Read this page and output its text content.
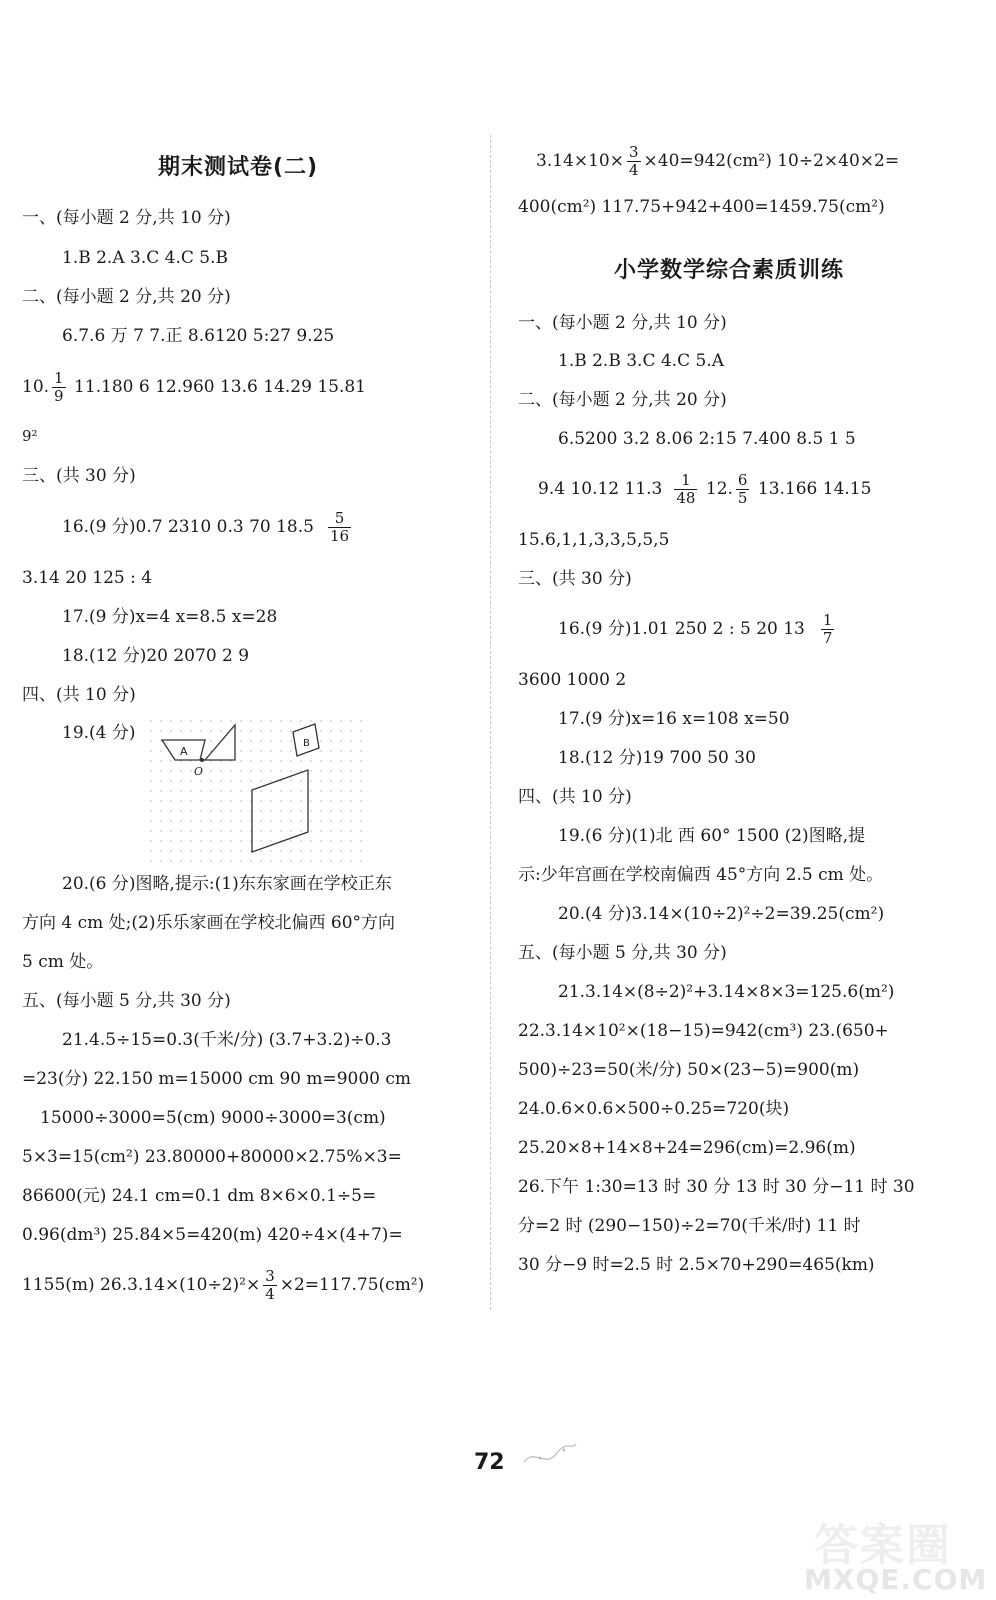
期末测试卷(二)
一、(每小题 2 分,共 10 分)
1.B 2.A 3.C 4.C 5.B
二、(每小题 2 分,共 20 分)
6.7.6 万 7 7.正 8.6120 5:27 9.25
10. $\frac{1}{9} 11.180$ 6 12.960 13.6 14.29 15.81
9²
三、(共 30 分)
16.(9 分)0.7 2310 0.3 70 $18.5 \frac{5}{16}$
3.14 20 125 : 4
17.(9 分)x=4 x=8.5 x=28
18.(12 分)20 2070 2 9
四、(共 10 分)
19.(4 分)
20.(6 分)图略,提示:(1)东东家画在学校正东
方向 4 cm 处;(2)乐乐家画在学校北偏西 60°方向
5 cm 处。
五、(每小题 5 分,共 30 分)
21.4.5÷15=0.3(千米/分) (3.7+3.2)÷0.3
=23(分) 22.150 m=15000 cm 90 m=9000 cm
15000÷3000=5(cm) 9000÷3000=3(cm)
5×3=15(cm²) 23.80000+80000×2.75%×3=
86600(元) 24.1 cm=0.1 dm 8×6×0.1÷5=
0.96(dm³) 25.84×5=420(m) 420÷4×(4+7)=
1155(m) $26.3.14\times(10\div 2)^2\times \frac{3}{4} \times 2=117.75(cm^2)$
A
B
O
$3.14\times 10\times \frac{3}{4} \times 40=942(cm^2)$ 10÷2×40×2=
400(cm²) 117.75+942+400=1459.75(cm²)
小学数学综合素质训练
一、(每小题 2 分,共 10 分)
1.B 2.B 3.C 4.C 5.A
二、(每小题 2 分,共 20 分)
6.5200 3.2 8.06 2:15 7.400 8.5 1 5
9.4 10.12 $11.3 \frac{1}{48} 12$. $\frac{6}{5} 13.166$ 14.15
15.6,1,1,3,3,5,5,5
三、(共 30 分)
16.(9 分)1.01 250 2 : 5 20 $13 \frac{1}{7}$
3600 1000 2
17.(9 分)x=16 x=108 x=50
18.(12 分)19 700 50 30
四、(共 10 分)
19.(6 分)(1)北 西 60° 1500 (2)图略,提
示:少年宫画在学校南偏西 45°方向 2.5 cm 处。
20.(4 分)3.14×(10÷2)²÷2=39.25(cm²)
五、(每小题 5 分,共 30 分)
21.3.14×(8÷2)²+3.14×8×3=125.6(m²)
22.3.14×10²×(18−15)=942(cm³) 23.(650+
500)÷23=50(米/分) 50×(23−5)=900(m)
24.0.6×0.6×500÷0.25=720(块)
25.20×8+14×8+24=296(cm)=2.96(m)
26.下午 1:30=13 时 30 分 13 时 30 分−11 时 30
分=2 时 (290−150)÷2=70(千米/时) 11 时
30 分−9 时=2.5 时 2.5×70+290=465(km)
72
答案圈
MXQE.COM
